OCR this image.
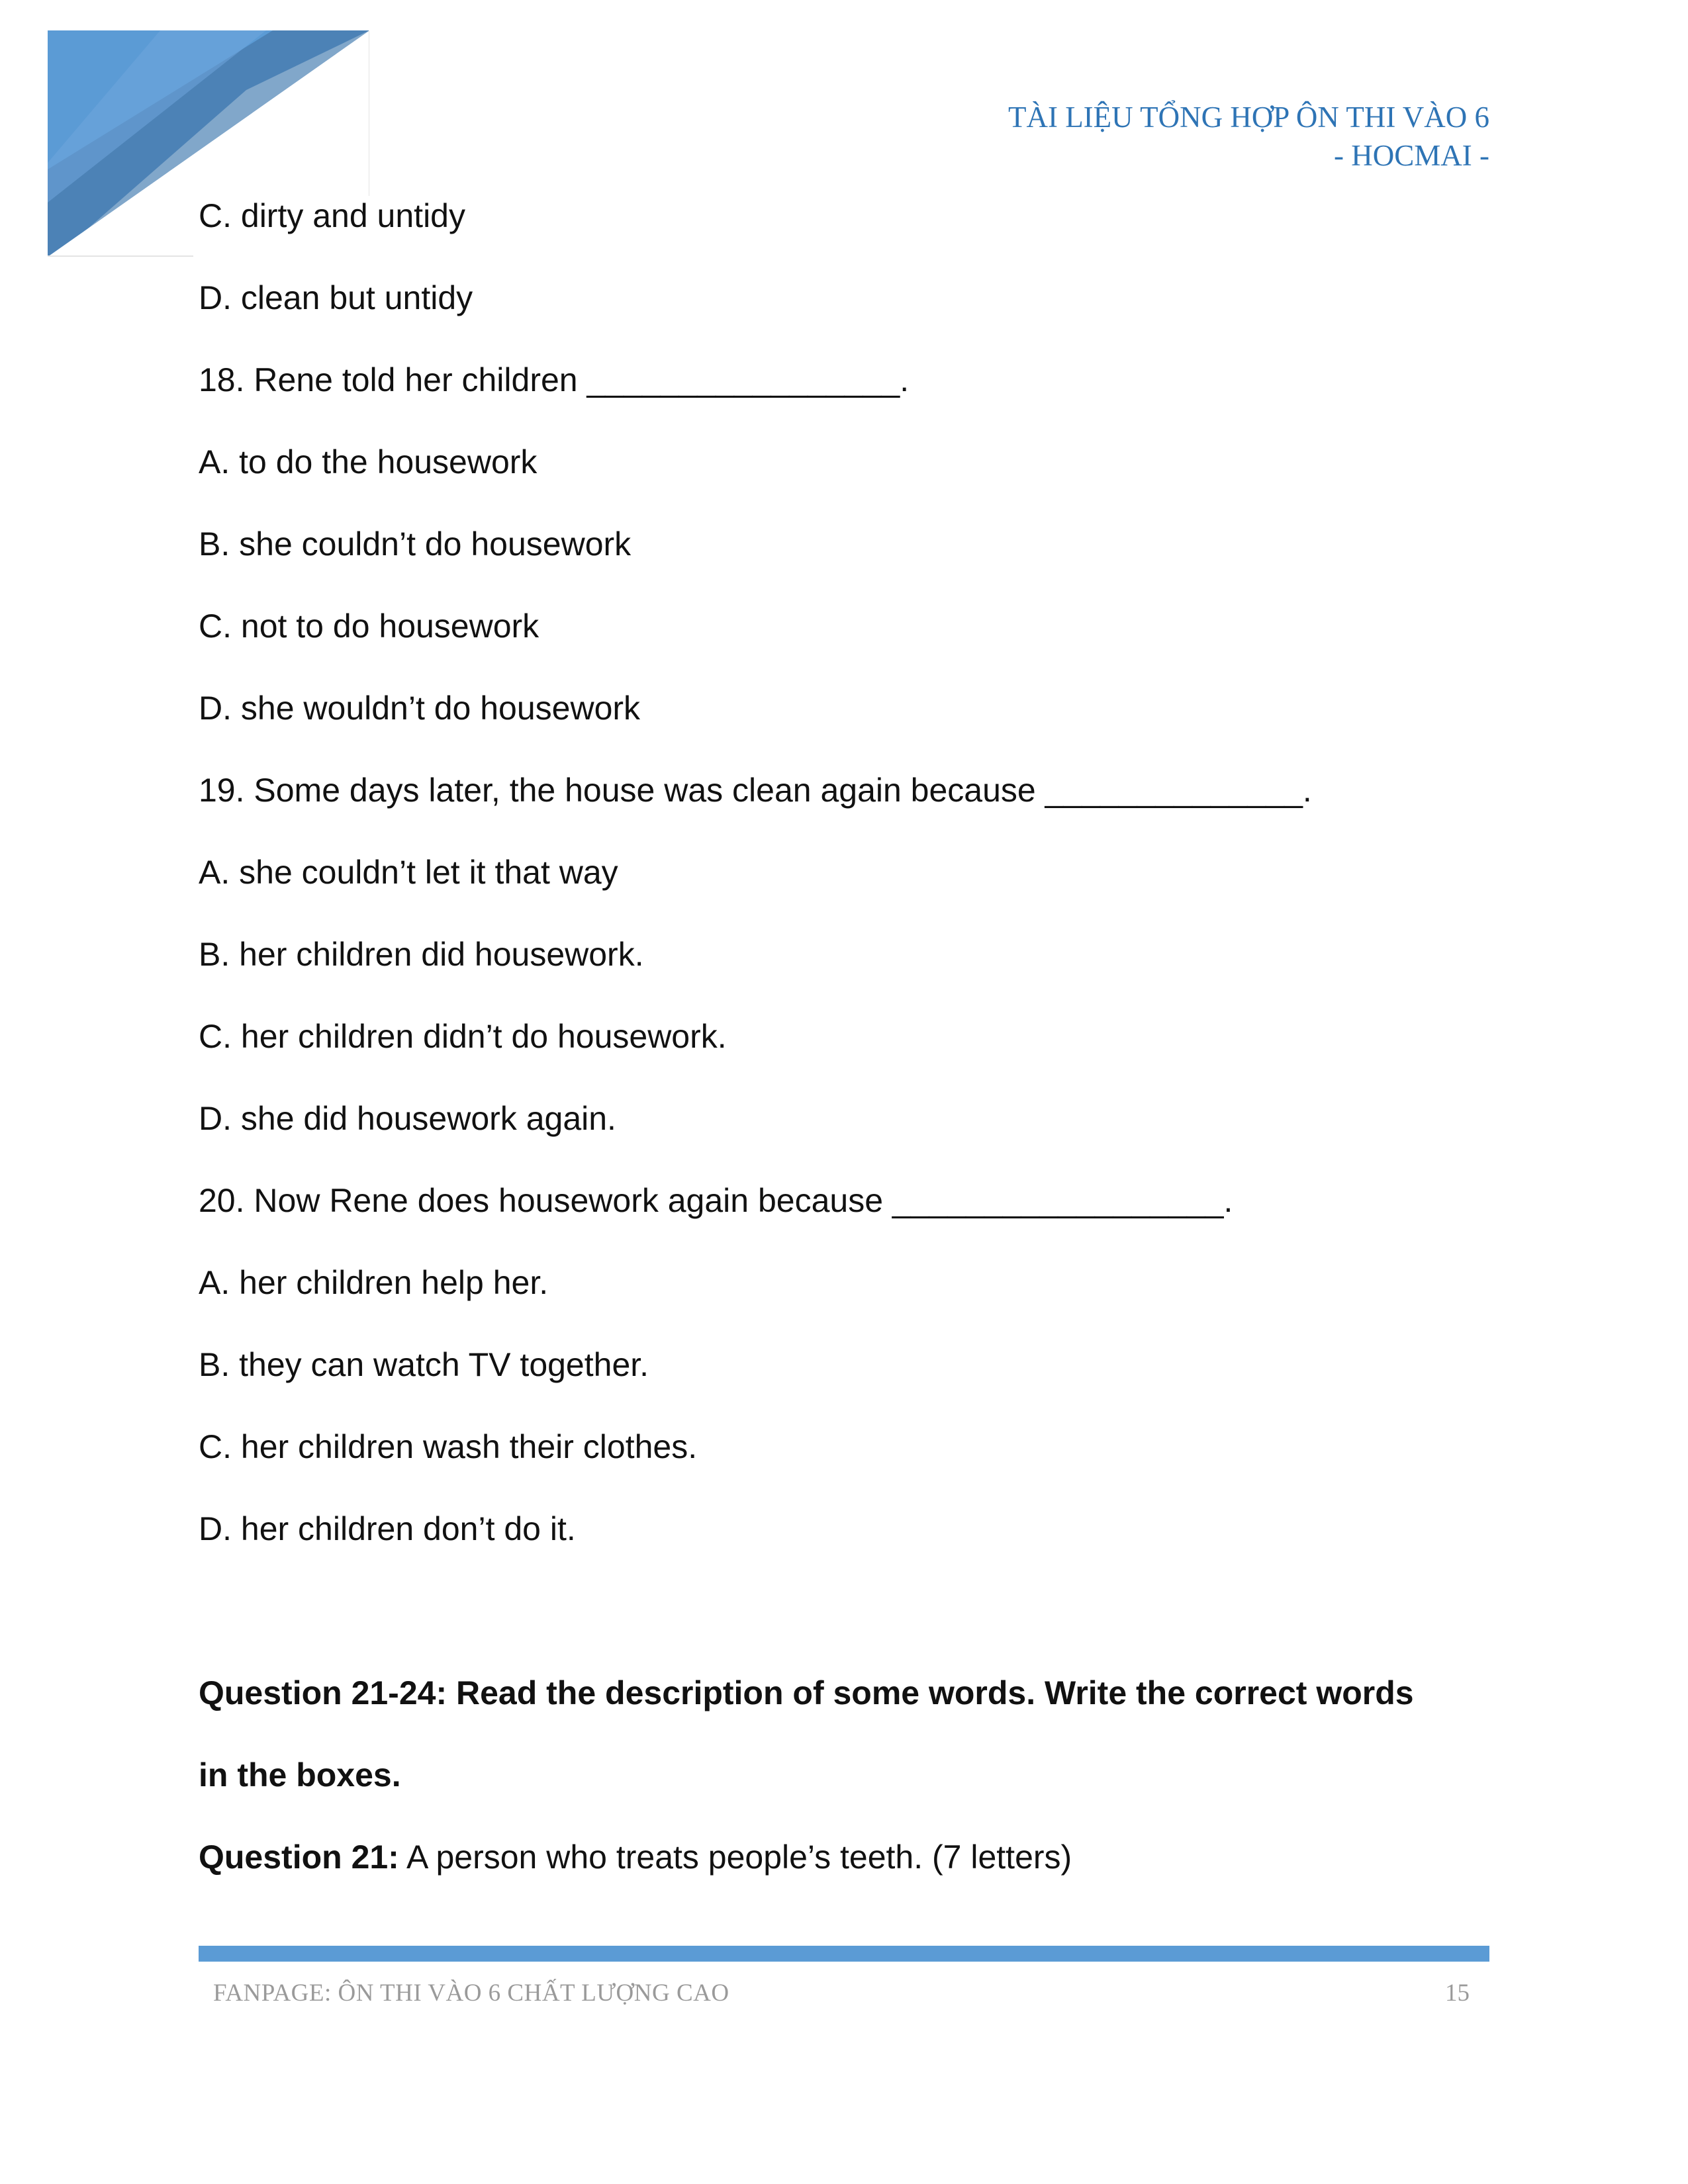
TÀI LIỆU TỔNG HỢP ÔN THI VÀO 6
- HOCMAI -
C. dirty and untidy
D. clean but untidy
18. Rene told her children _________________.
A. to do the housework
B. she couldn’t do housework
C. not to do housework
D. she wouldn’t do housework
19. Some days later, the house was clean again because ______________.
A. she couldn’t let it that way
B. her children did housework.
C. her children didn’t do housework.
D. she did housework again.
20. Now Rene does housework again because __________________.
A. her children help her.
B. they can watch TV together.
C. her children wash their clothes.
D. her children don’t do it.
Question 21-24: Read the description of some words. Write the correct words
in the boxes.
Question 21: A person who treats people’s teeth. (7 letters)
FANPAGE: ÔN THI VÀO 6 CHẤT LƯỢNG CAO	15
